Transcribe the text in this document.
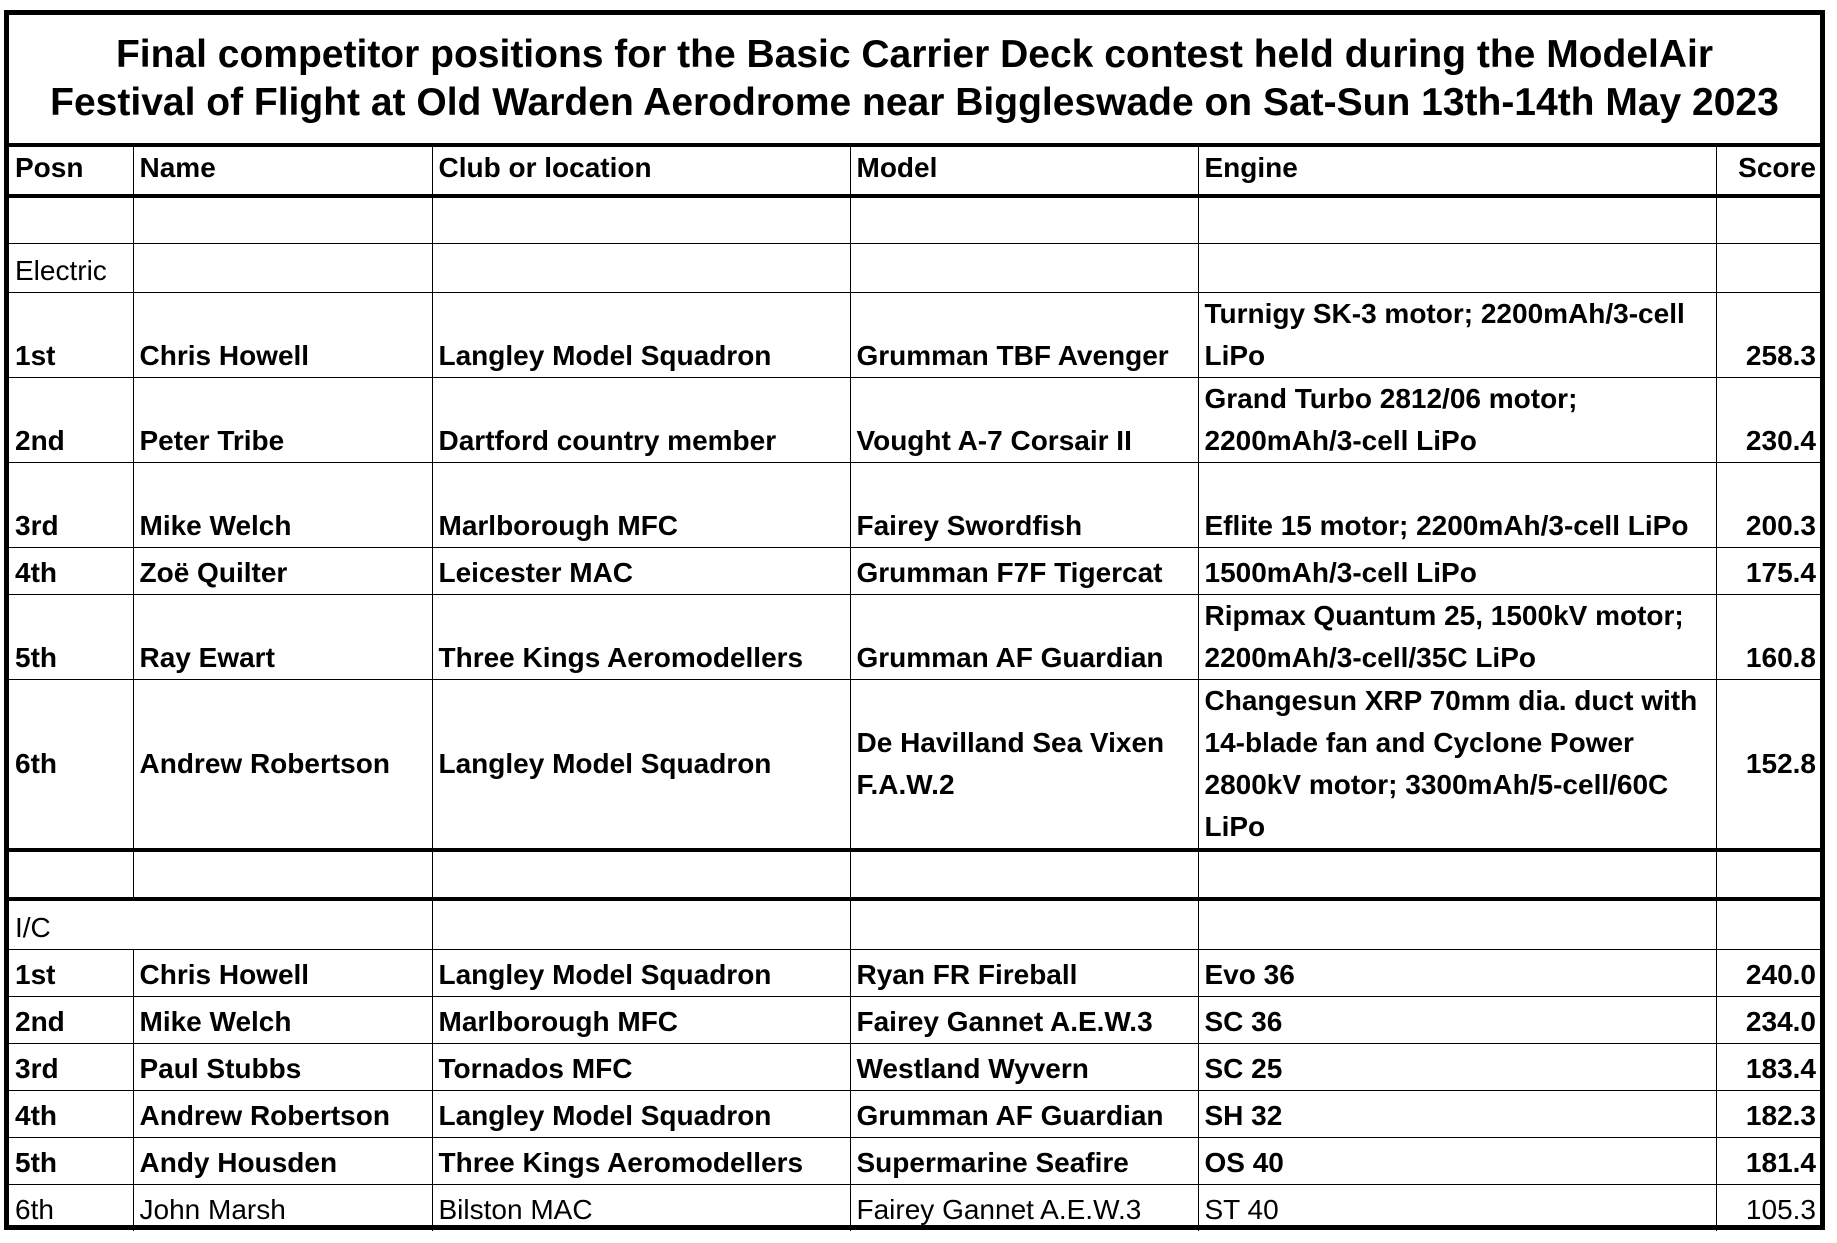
Final competitor positions for the Basic Carrier Deck contest held during the ModelAir
Festival of Flight at Old Warden Aerodrome near Biggleswade on Sat-Sun 13th-14th May 2023
Posn	Name	Club or location	Model	Engine	Score

Electric					
1st	Chris Howell	Langley Model Squadron	Grumman TBF Avenger	Turnigy SK-3 motor; 2200mAh/3-cell LiPo	258.3
2nd	Peter Tribe	Dartford country member	Vought A-7 Corsair II	Grand Turbo 2812/06 motor; 2200mAh/3-cell LiPo	230.4
3rd	Mike Welch	Marlborough MFC	Fairey Swordfish	Eflite 15 motor; 2200mAh/3-cell LiPo	200.3
4th	Zoë Quilter	Leicester MAC	Grumman F7F Tigercat	1500mAh/3-cell LiPo	175.4
5th	Ray Ewart	Three Kings Aeromodellers	Grumman AF Guardian	Ripmax Quantum 25, 1500kV motor; 2200mAh/3-cell/35C LiPo	160.8
6th	Andrew Robertson	Langley Model Squadron	De Havilland Sea Vixen F.A.W.2	Changesun XRP 70mm dia. duct with 14-blade fan and Cyclone Power 2800kV motor; 3300mAh/5-cell/60C LiPo	152.8

I/C					
1st	Chris Howell	Langley Model Squadron	Ryan FR Fireball	Evo 36	240.0
2nd	Mike Welch	Marlborough MFC	Fairey Gannet A.E.W.3	SC 36	234.0
3rd	Paul Stubbs	Tornados MFC	Westland Wyvern	SC 25	183.4
4th	Andrew Robertson	Langley Model Squadron	Grumman AF Guardian	SH 32	182.3
5th	Andy Housden	Three Kings Aeromodellers	Supermarine Seafire	OS 40	181.4
6th	John Marsh	Bilston MAC	Fairey Gannet A.E.W.3	ST 40	105.3
